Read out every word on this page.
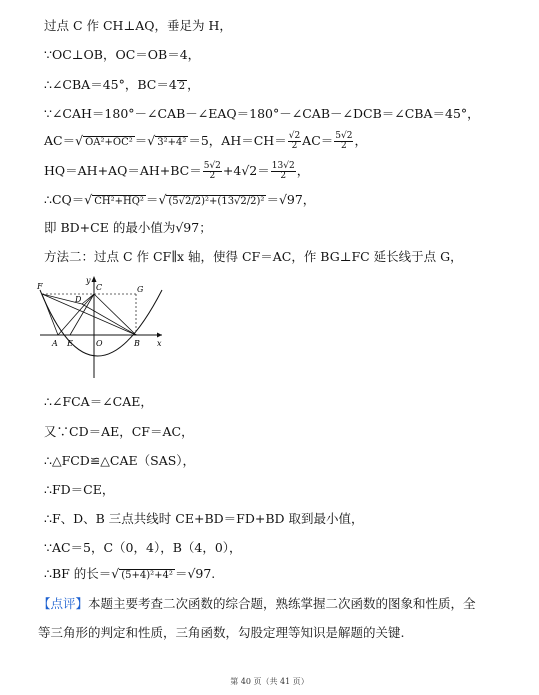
过点 C 作 CH⊥AQ，垂足为 H，
∵OC⊥OB，OC＝OB＝4，
∴∠CBA＝45°，BC＝4 2 ，
∵∠CAH＝180°－∠CAB－∠EAQ＝180°－∠CAB－∠DCB＝∠CBA＝45°，
AC＝√ OA²+OC² ＝√ 3²+4² ＝5，$AH=CH= \frac{√2}{2} AC= \frac{5√2}{2}$ ，
$HQ=AH+AQ=AH+BC= \frac{5√2}{2} +4√2= \frac{13√2}{2}$ ，
∴CQ＝√ CH²+HQ² ＝√ (5√2/2)²+(13√2/2)² ＝√97，
即 BD+CE 的最小值为√97；
方法二：过点 C 作 CF∥x 轴，使得 CF＝AC，作 BG⊥FC 延长线于点 G，
F
y
C
D
G
A E	O	B x
∴∠FCA＝∠CAE，
又∵CD＝AE，CF＝AC，
∴△FCD≌△CAE（SAS），
∴FD＝CE，
∴F、D、B 三点共线时 CE+BD＝FD+BD 取到最小值，
∵AC＝5，C（0，4），B（4，0），
∴BF 的长＝√ (5+4)²+4² ＝√97.
【点评】本题主要考查二次函数的综合题，熟练掌握二次函数的图象和性质，全
等三角形的判定和性质，三角函数，勾股定理等知识是解题的关键.
第 40 页（共 41 页）
